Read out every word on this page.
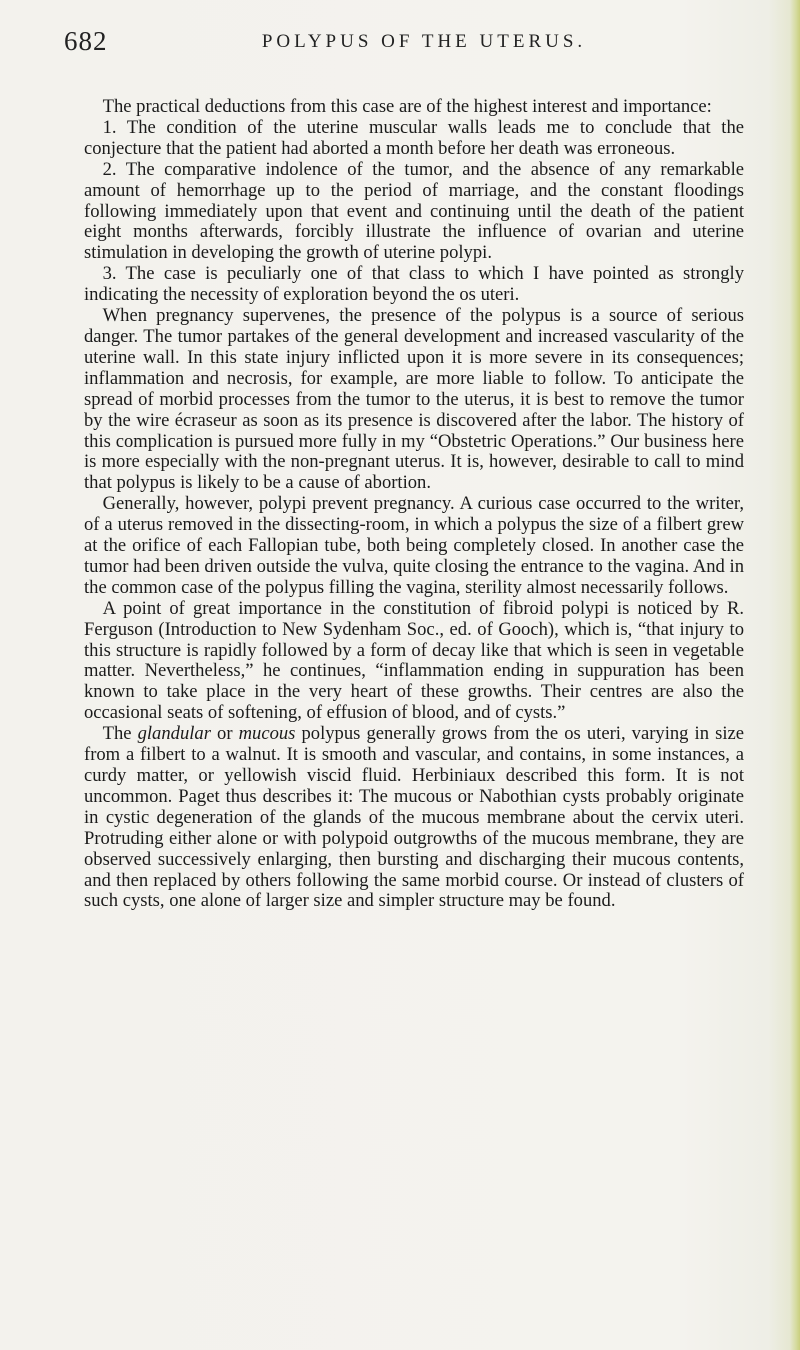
682	POLYPUS OF THE UTERUS.

The practical deductions from this case are of the highest interest and importance:

1. The condition of the uterine muscular walls leads me to conclude that the conjecture that the patient had aborted a month before her death was erroneous.

2. The comparative indolence of the tumor, and the absence of any remarkable amount of hemorrhage up to the period of marriage, and the constant floodings following immediately upon that event and continuing until the death of the patient eight months afterwards, forcibly illustrate the influence of ovarian and uterine stimulation in developing the growth of uterine polypi.

3. The case is peculiarly one of that class to which I have pointed as strongly indicating the necessity of exploration beyond the os uteri.

When pregnancy supervenes, the presence of the polypus is a source of serious danger. The tumor partakes of the general development and increased vascularity of the uterine wall. In this state injury inflicted upon it is more severe in its consequences; inflammation and necrosis, for example, are more liable to follow. To anticipate the spread of morbid processes from the tumor to the uterus, it is best to remove the tumor by the wire écraseur as soon as its presence is discovered after the labor. The history of this complication is pursued more fully in my “Obstetric Operations.” Our business here is more especially with the non-pregnant uterus. It is, however, desirable to call to mind that polypus is likely to be a cause of abortion.

Generally, however, polypi prevent pregnancy. A curious case occurred to the writer, of a uterus removed in the dissecting-room, in which a polypus the size of a filbert grew at the orifice of each Fallopian tube, both being completely closed. In another case the tumor had been driven outside the vulva, quite closing the entrance to the vagina. And in the common case of the polypus filling the vagina, sterility almost necessarily follows.

A point of great importance in the constitution of fibroid polypi is noticed by R. Ferguson (Introduction to New Sydenham Soc., ed. of Gooch), which is, “that injury to this structure is rapidly followed by a form of decay like that which is seen in vegetable matter. Nevertheless,” he continues, “inflammation ending in suppuration has been known to take place in the very heart of these growths. Their centres are also the occasional seats of softening, of effusion of blood, and of cysts.”

The glandular or mucous polypus generally grows from the os uteri, varying in size from a filbert to a walnut. It is smooth and vascular, and contains, in some instances, a curdy matter, or yellowish viscid fluid. Herbiniaux described this form. It is not uncommon. Paget thus describes it: The mucous or Nabothian cysts probably originate in cystic degeneration of the glands of the mucous membrane about the cervix uteri. Protruding either alone or with polypoid outgrowths of the mucous membrane, they are observed successively enlarging, then bursting and discharging their mucous contents, and then replaced by others following the same morbid course. Or instead of clusters of such cysts, one alone of larger size and simpler structure may be found.
